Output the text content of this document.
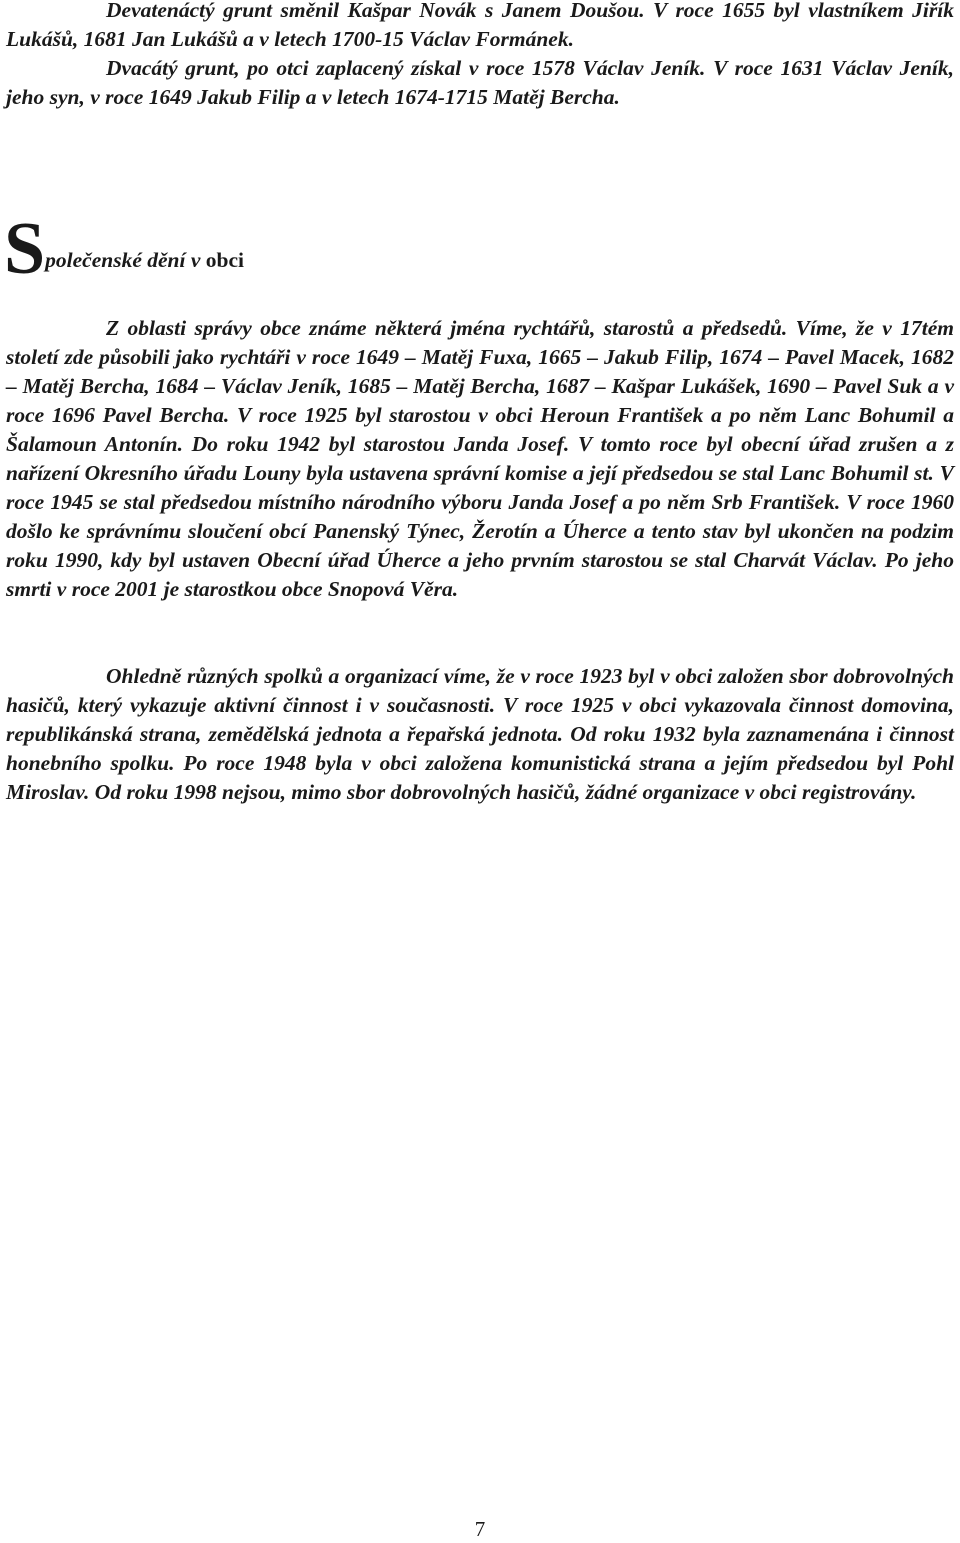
Devatenáctý grunt směnil Kašpar Novák s Janem Doušou. V roce 1655 byl vlastníkem Jiřík Lukášů, 1681 Jan Lukášů a v letech 1700-15 Václav Formánek.

Dvacátý grunt, po otci zaplacený získal v roce 1578 Václav Jeník. V roce 1631 Václav Jeník, jeho syn, v roce 1649 Jakub Filip a v letech 1674-1715 Matěj Bercha.

Společenské dění v obci

Z oblasti správy obce známe některá jména rychtářů, starostů a předsedů. Víme, že v 17tém století zde působili jako rychtáři v roce 1649 – Matěj Fuxa, 1665 – Jakub Filip, 1674 – Pavel Macek, 1682 – Matěj Bercha, 1684 – Václav Jeník, 1685 – Matěj Bercha, 1687 – Kašpar Lukášek, 1690 – Pavel Suk a v roce 1696 Pavel Bercha. V roce 1925 byl starostou v obci Heroun František a po něm Lanc Bohumil a Šalamoun Antonín. Do roku 1942 byl starostou Janda Josef. V tomto roce byl obecní úřad zrušen a z nařízení Okresního úřadu Louny byla ustavena správní komise a její předsedou se stal Lanc Bohumil st. V roce 1945 se stal předsedou místního národního výboru Janda Josef a po něm Srb František. V roce 1960 došlo ke správnímu sloučení obcí Panenský Týnec, Žerotín a Úherce a tento stav byl ukončen na podzim roku 1990, kdy byl ustaven Obecní úřad Úherce a jeho prvním starostou se stal Charvát Václav. Po jeho smrti v roce 2001 je starostkou obce Snopová Věra.

Ohledně různých spolků a organizací víme, že v roce 1923 byl v obci založen sbor dobrovolných hasičů, který vykazuje aktivní činnost i v současnosti. V roce 1925 v obci vykazovala činnost domovina, republikánská strana, zemědělská jednota a řepařská jednota. Od roku 1932 byla zaznamenána i činnost honebního spolku. Po roce 1948 byla v obci založena komunistická strana a jejím předsedou byl Pohl Miroslav. Od roku 1998 nejsou, mimo sbor dobrovolných hasičů, žádné organizace v obci registrovány.

7
